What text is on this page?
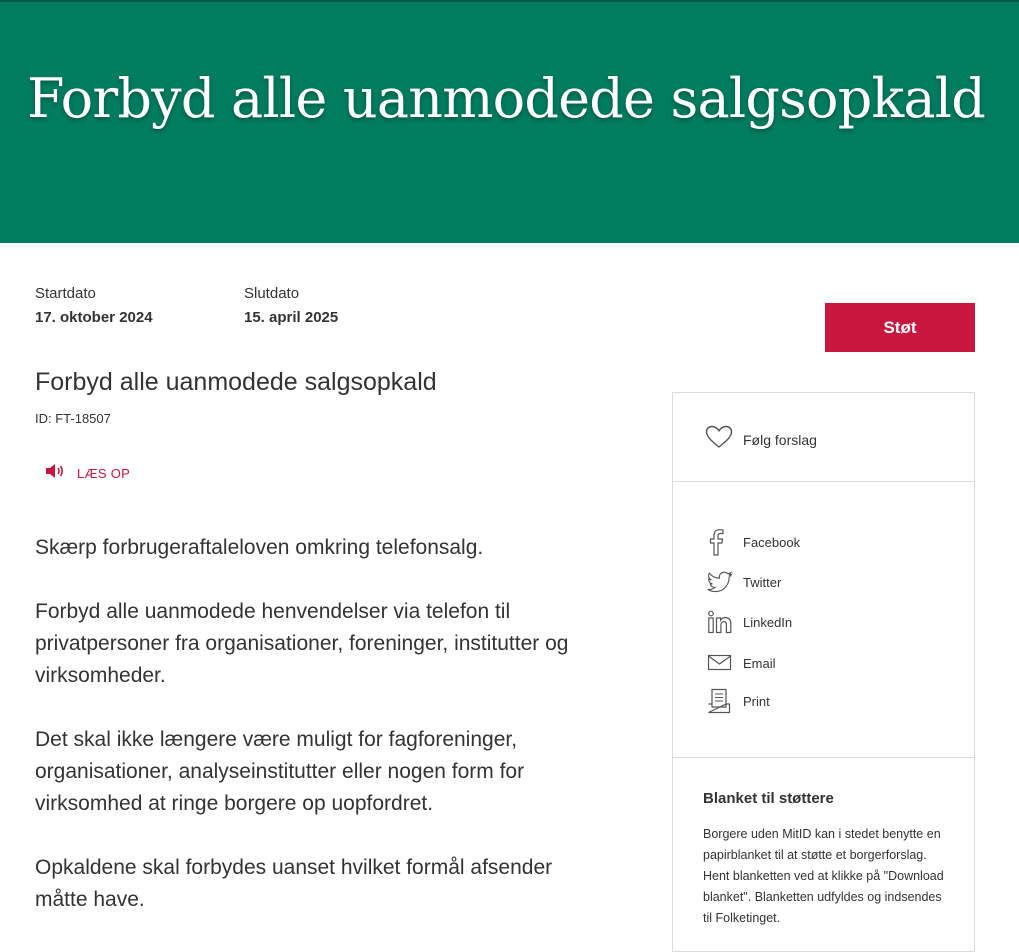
Forbyd alle uanmodede salgsopkald
Startdato
17. oktober 2024
Slutdato
15. april 2025	Støt
Forbyd alle uanmodede salgsopkald
ID: FT-18507
LÆS OP

Skærp forbrugeraftaleloven omkring telefonsalg.

Forbyd alle uanmodede henvendelser via telefon til privatpersoner fra organisationer, foreninger, institutter og virksomheder.

Det skal ikke længere være muligt for fagforeninger, organisationer, analyseinstitutter eller nogen form for virksomhed at ringe borgere op uopfordret.

Opkaldene skal forbydes uanset hvilket formål afsender måtte have.

Følg forslag
Facebook
Twitter
LinkedIn
Email
Print
Blanket til støttere

Borgere uden MitID kan i stedet benytte en papirblanket til at støtte et borgerforslag. Hent blanketten ved at klikke på "Download blanket". Blanketten udfyldes og indsendes til Folketinget.
